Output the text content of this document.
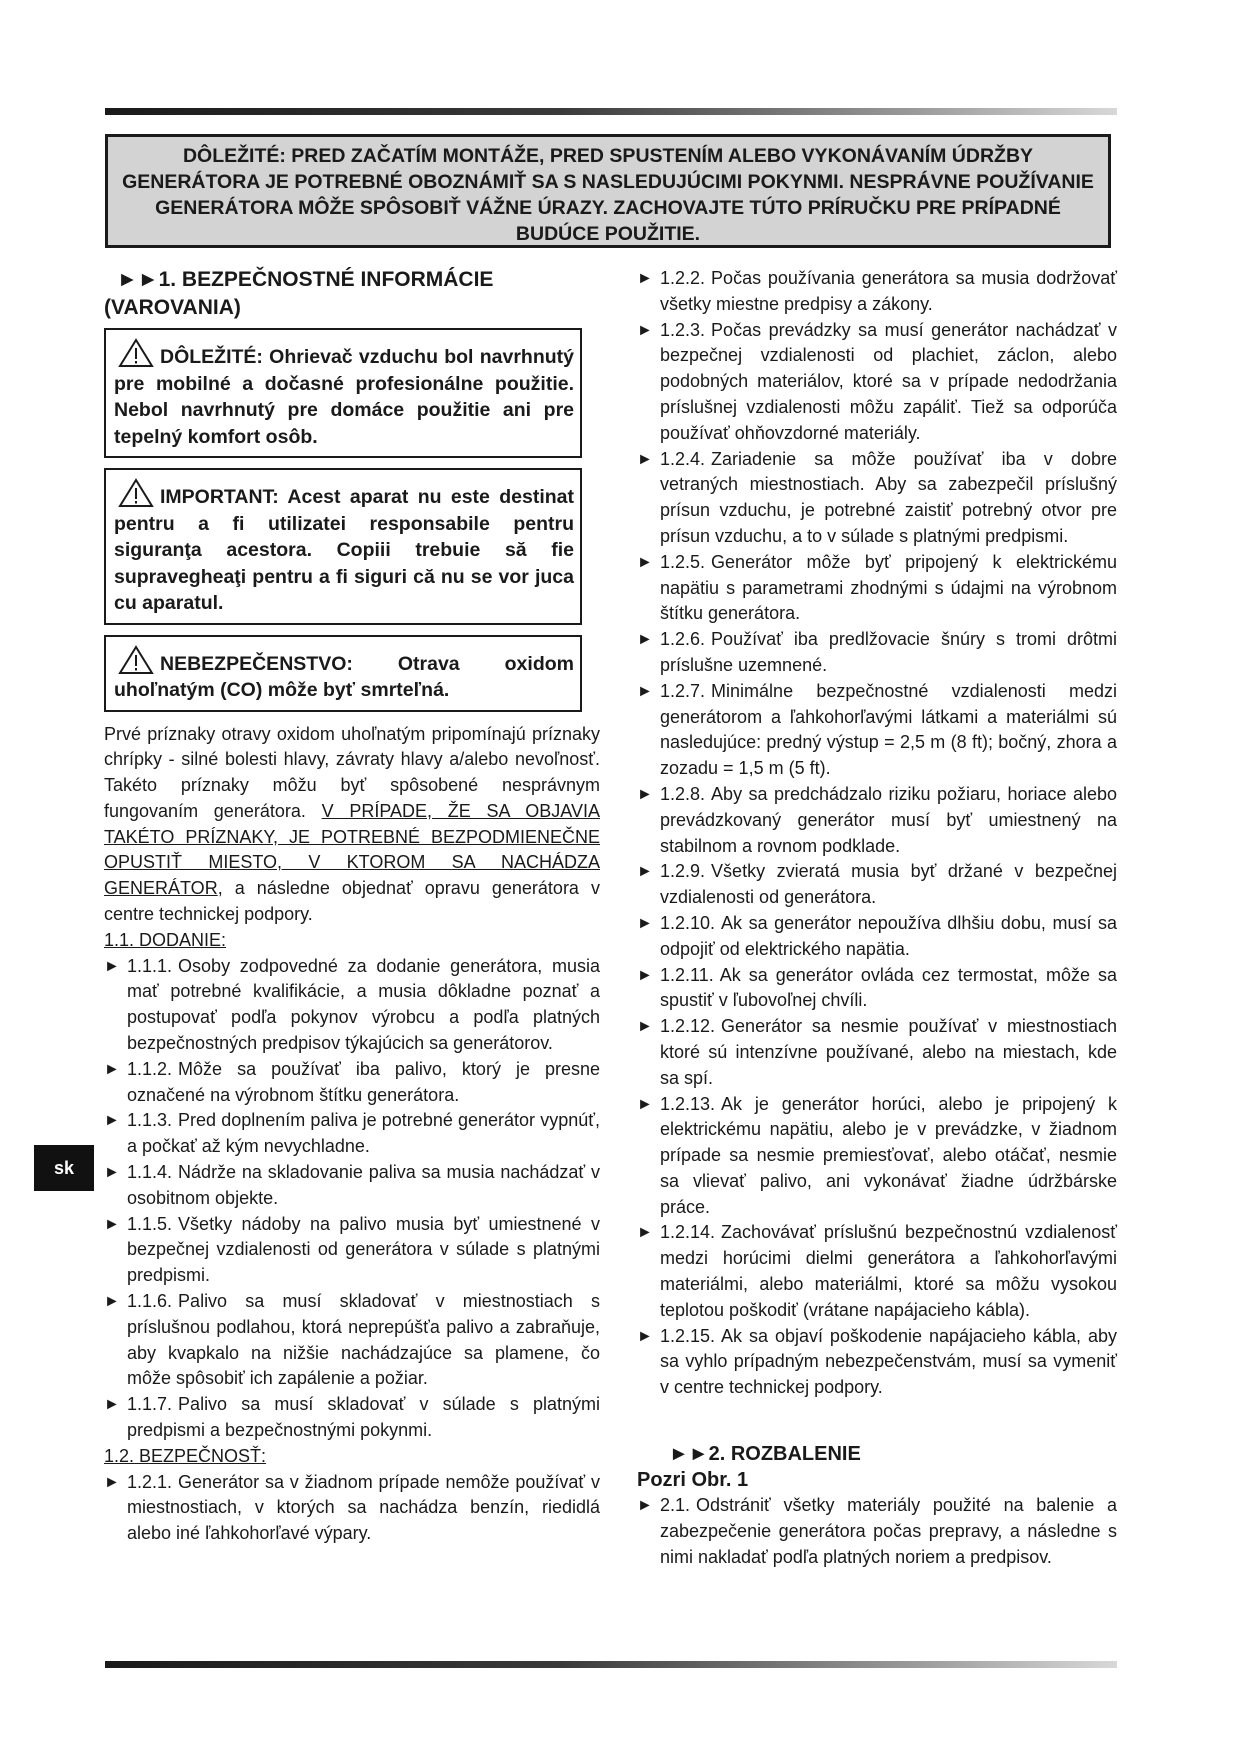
DÔLEŽITÉ: PRED ZAČATÍM MONTÁŽE, PRED SPUSTENÍM ALEBO VYKONÁVANÍM ÚDRŽBY GENERÁTORA JE POTREBNÉ OBOZNÁMIŤ SA S NASLEDUJÚCIMI POKYNMI. NESPRÁVNE POUŽÍVANIE GENERÁTORA MÔŽE SPÔSOBIŤ VÁŽNE ÚRAZY. ZACHOVAJTE TÚTO PRÍRUČKU PRE PRÍPADNÉ BUDÚCE POUŽITIE.
►►1. BEZPEČNOSTNÉ INFORMÁCIE (VAROVANIA)
DÔLEŽITÉ: Ohrievač vzduchu bol navrhnutý pre mobilné a dočasné profesionálne použitie. Nebol navrhnutý pre domáce použitie ani pre tepelný komfort osôb.
IMPORTANT: Acest aparat nu este destinat pentru a fi utilizatei responsabile pentru siguranţa acestora. Copiii trebuie să fie supravegheaţi pentru a fi siguri că nu se vor juca cu aparatul.
NEBEZPEČENSTVO: Otrava oxidom uhoľnatým (CO) môže byť smrteľná.

Prvé príznaky otravy oxidom uhoľnatým pripomínajú príznaky chrípky - silné bolesti hlavy, závraty hlavy a/alebo nevoľnosť. Takéto príznaky môžu byť spôsobené nesprávnym fungovaním generátora. V PRÍPADE, ŽE SA OBJAVIA TAKÉTO PRÍZNAKY, JE POTREBNÉ BEZPODMIENEČNE OPUSTIŤ MIESTO, V KTOROM SA NACHÁDZA GENERÁTOR, a následne objednať opravu generátora v centre technickej podpory.

1.1. DODANIE:

► 1.1.1. Osoby zodpovedné za dodanie generátora, musia mať potrebné kvalifikácie, a musia dôkladne poznať a postupovať podľa pokynov výrobcu a podľa platných bezpečnostných predpisov týkajúcich sa generátorov.

► 1.1.2. Môže sa používať iba palivo, ktorý je presne označené na výrobnom štítku generátora.

► 1.1.3. Pred doplnením paliva je potrebné generátor vypnúť, a počkať až kým nevychladne.

► 1.1.4. Nádrže na skladovanie paliva sa musia nachádzať v osobitnom objekte.

► 1.1.5. Všetky nádoby na palivo musia byť umiestnené v bezpečnej vzdialenosti od generátora v súlade s platnými predpismi.

► 1.1.6. Palivo sa musí skladovať v miestnostiach s príslušnou podlahou, ktorá neprepúšťa palivo a zabraňuje, aby kvapkalo na nižšie nachádzajúce sa plamene, čo môže spôsobiť ich zapálenie a požiar.

► 1.1.7. Palivo sa musí skladovať v súlade s platnými predpismi a bezpečnostnými pokynmi.

1.2. BEZPEČNOSŤ:

► 1.2.1. Generátor sa v žiadnom prípade nemôže používať v miestnostiach, v ktorých sa nachádza benzín, riedidlá alebo iné ľahkohorľavé výpary.

► 1.2.2. Počas používania generátora sa musia dodržovať všetky miestne predpisy a zákony.

► 1.2.3. Počas prevádzky sa musí generátor nachádzať v bezpečnej vzdialenosti od plachiet, záclon, alebo podobných materiálov, ktoré sa v prípade nedodržania príslušnej vzdialenosti môžu zapáliť. Tiež sa odporúča používať ohňovzdorné materiály.

► 1.2.4. Zariadenie sa môže používať iba v dobre vetraných miestnostiach. Aby sa zabezpečil príslušný prísun vzduchu, je potrebné zaistiť potrebný otvor pre prísun vzduchu, a to v súlade s platnými predpismi.

► 1.2.5. Generátor môže byť pripojený k elektrickému napätiu s parametrami zhodnými s údajmi na výrobnom štítku generátora.

► 1.2.6. Používať iba predlžovacie šnúry s tromi drôtmi príslušne uzemnené.

► 1.2.7. Minimálne bezpečnostné vzdialenosti medzi generátorom a ľahkohorľavými látkami a materiálmi sú nasledujúce: predný výstup = 2,5 m (8 ft); bočný, zhora a zozadu = 1,5 m (5 ft).

► 1.2.8. Aby sa predchádzalo riziku požiaru, horiace alebo prevádzkovaný generátor musí byť umiestnený na stabilnom a rovnom podklade.

► 1.2.9. Všetky zvieratá musia byť držané v bezpečnej vzdialenosti od generátora.

► 1.2.10. Ak sa generátor nepoužíva dlhšiu dobu, musí sa odpojiť od elektrického napätia.

► 1.2.11. Ak sa generátor ovláda cez termostat, môže sa spustiť v ľubovoľnej chvíli.

► 1.2.12. Generátor sa nesmie používať v miestnostiach ktoré sú intenzívne používané, alebo na miestach, kde sa spí.

► 1.2.13. Ak je generátor horúci, alebo je pripojený k elektrickému napätiu, alebo je v prevádzke, v žiadnom prípade sa nesmie premiesťovať, alebo otáčať, nesmie sa vlievať palivo, ani vykonávať žiadne údržbárske práce.

► 1.2.14. Zachovávať príslušnú bezpečnostnú vzdialenosť medzi horúcimi dielmi generátora a ľahkohorľavými materiálmi, alebo materiálmi, ktoré sa môžu vysokou teplotou poškodiť (vrátane napájacieho kábla).

► 1.2.15. Ak sa objaví poškodenie napájacieho kábla, aby sa vyhlo prípadným nebezpečenstvám, musí sa vymeniť v centre technickej podpory.

►►2. ROZBALENIE
Pozri Obr. 1

► 2.1. Odstrániť všetky materiály použité na balenie a zabezpečenie generátora počas prepravy, a následne s nimi nakladať podľa platných noriem a predpisov.

sk
